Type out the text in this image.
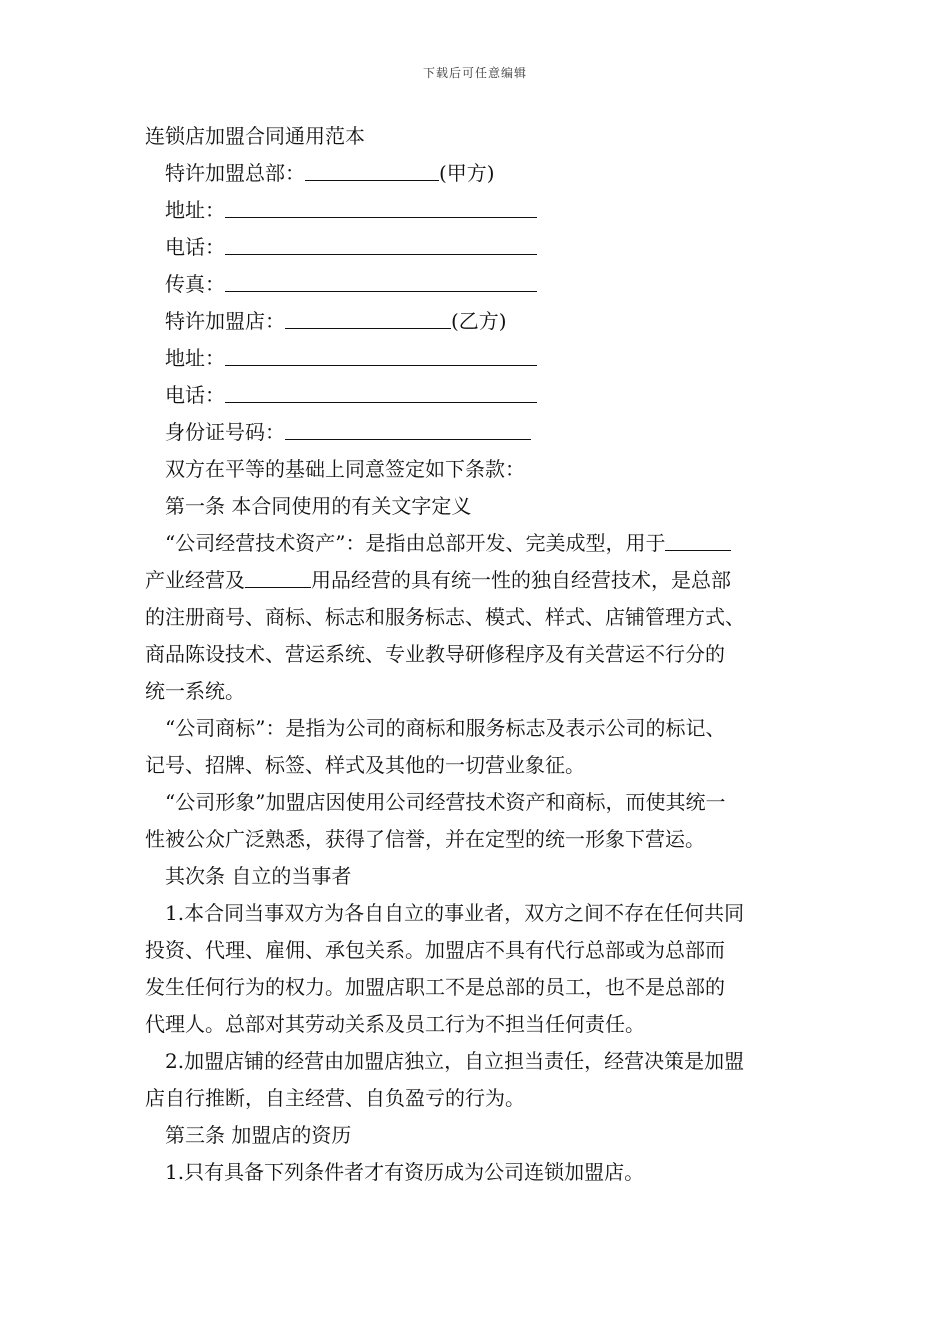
下载后可任意编辑
连锁店加盟合同通用范本
特许加盟总部：	(甲方)
地址：
电话：
传真：
特许加盟店：	(乙方)
地址：
电话：
身份证号码：
双方在平等的基础上同意签定如下条款：
第一条 本合同使用的有关文字定义
“公司经营技术资产”：是指由总部开发、完美成型，用于
产业经营及	用品经营的具有统一性的独自经营技术，是总部
的注册商号、商标、标志和服务标志、模式、样式、店铺管理方式、
商品陈设技术、营运系统、专业教导研修程序及有关营运不行分的
统一系统。
“公司商标”：是指为公司的商标和服务标志及表示公司的标记、
记号、招牌、标签、样式及其他的一切营业象征。
“公司形象”加盟店因使用公司经营技术资产和商标，而使其统一
性被公众广泛熟悉，获得了信誉，并在定型的统一形象下营运。
其次条 自立的当事者
1.本合同当事双方为各自自立的事业者，双方之间不存在任何共同
投资、代理、雇佣、承包关系。加盟店不具有代行总部或为总部而
发生任何行为的权力。加盟店职工不是总部的员工，也不是总部的
代理人。总部对其劳动关系及员工行为不担当任何责任。
2.加盟店铺的经营由加盟店独立，自立担当责任，经营决策是加盟
店自行推断，自主经营、自负盈亏的行为。
第三条 加盟店的资历
1.只有具备下列条件者才有资历成为公司连锁加盟店。
